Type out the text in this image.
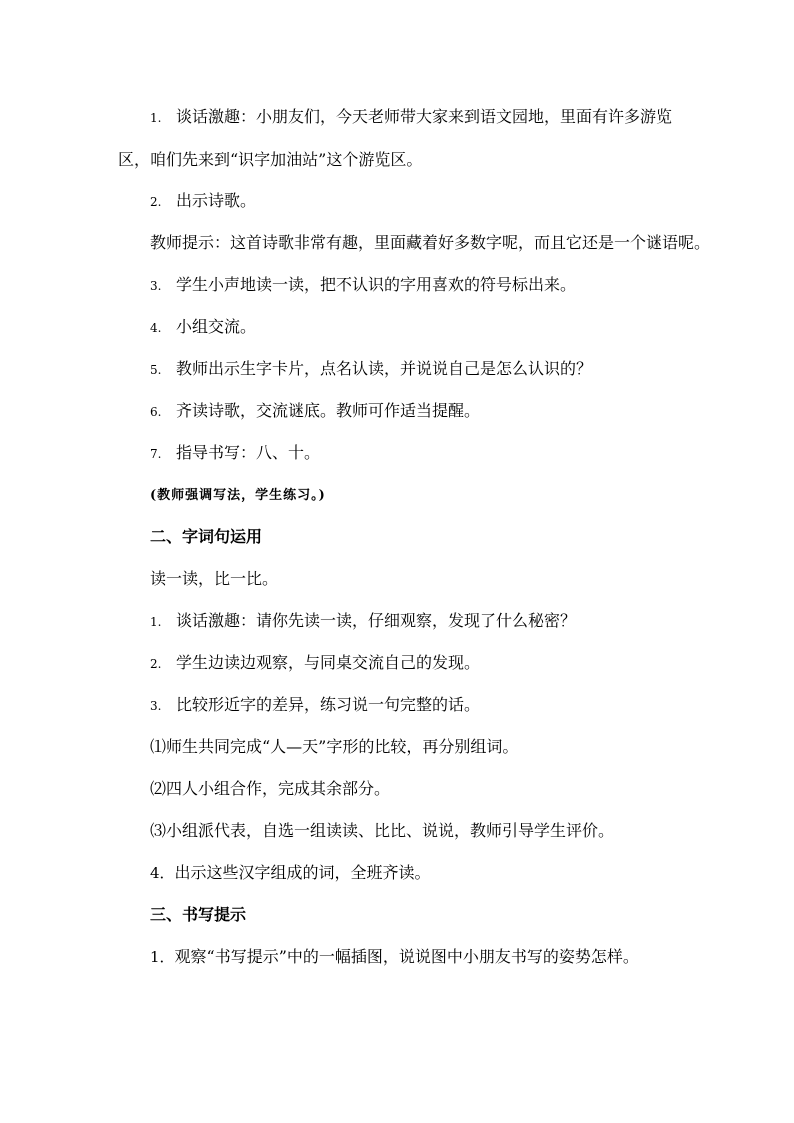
1. 谈话激趣：小朋友们，今天老师带大家来到语文园地，里面有许多游览
区，咱们先来到“识字加油站”这个游览区。
2. 出示诗歌。
教师提示：这首诗歌非常有趣，里面藏着好多数字呢，而且它还是一个谜语呢。
3. 学生小声地读一读，把不认识的字用喜欢的符号标出来。
4. 小组交流。
5. 教师出示生字卡片，点名认读，并说说自己是怎么认识的？
6. 齐读诗歌，交流谜底。教师可作适当提醒。
7. 指导书写：八、十。
(教师强调写法，学生练习。)
二、字词句运用
读一读，比一比。
1. 谈话激趣：请你先读一读，仔细观察，发现了什么秘密？
2. 学生边读边观察，与同桌交流自己的发现。
3. 比较形近字的差异，练习说一句完整的话。
⑴师生共同完成“人—天”字形的比较，再分别组词。
⑵四人小组合作，完成其余部分。
⑶小组派代表，自选一组读读、比比、说说，教师引导学生评价。
4．出示这些汉字组成的词，全班齐读。
三、书写提示
1．观察“书写提示”中的一幅插图，说说图中小朋友书写的姿势怎样。
